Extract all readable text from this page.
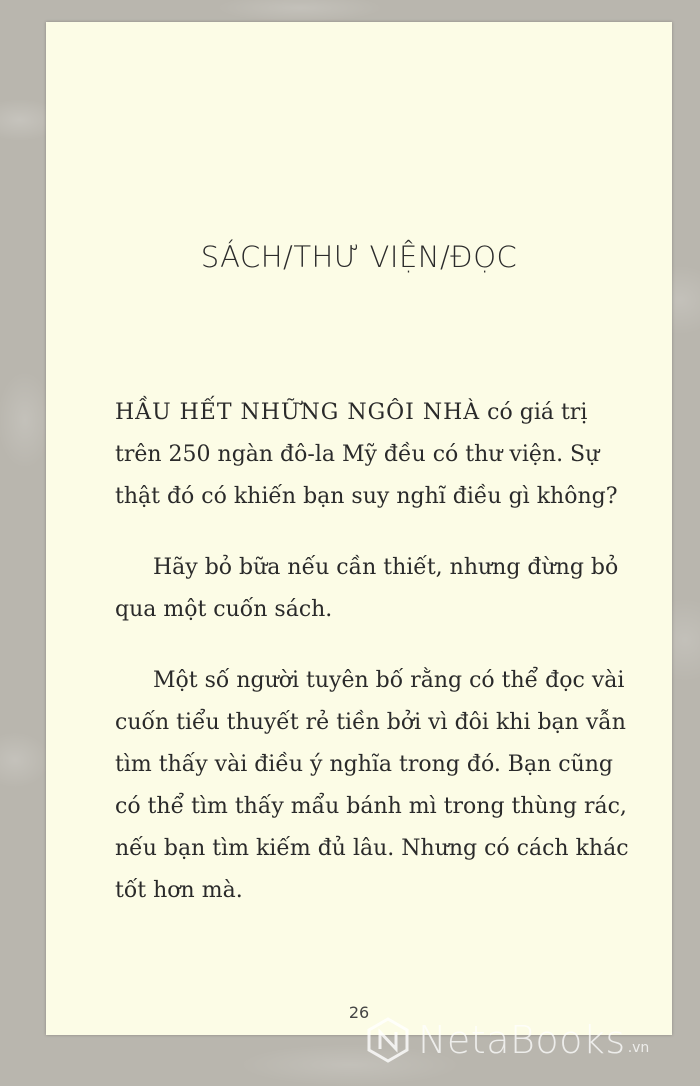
SÁCH/THƯ VIỆN/ĐỌC

HẦU HẾT NHỮNG NGÔI NHÀ có giá trị trên 250 ngàn đô-la Mỹ đều có thư viện. Sự thật đó có khiến bạn suy nghĩ điều gì không?

Hãy bỏ bữa nếu cần thiết, nhưng đừng bỏ qua một cuốn sách.

Một số người tuyên bố rằng có thể đọc vài cuốn tiểu thuyết rẻ tiền bởi vì đôi khi bạn vẫn tìm thấy vài điều ý nghĩa trong đó. Bạn cũng có thể tìm thấy mẩu bánh mì trong thùng rác, nếu bạn tìm kiếm đủ lâu. Nhưng có cách khác tốt hơn mà.

26
NetaBooks .vn
